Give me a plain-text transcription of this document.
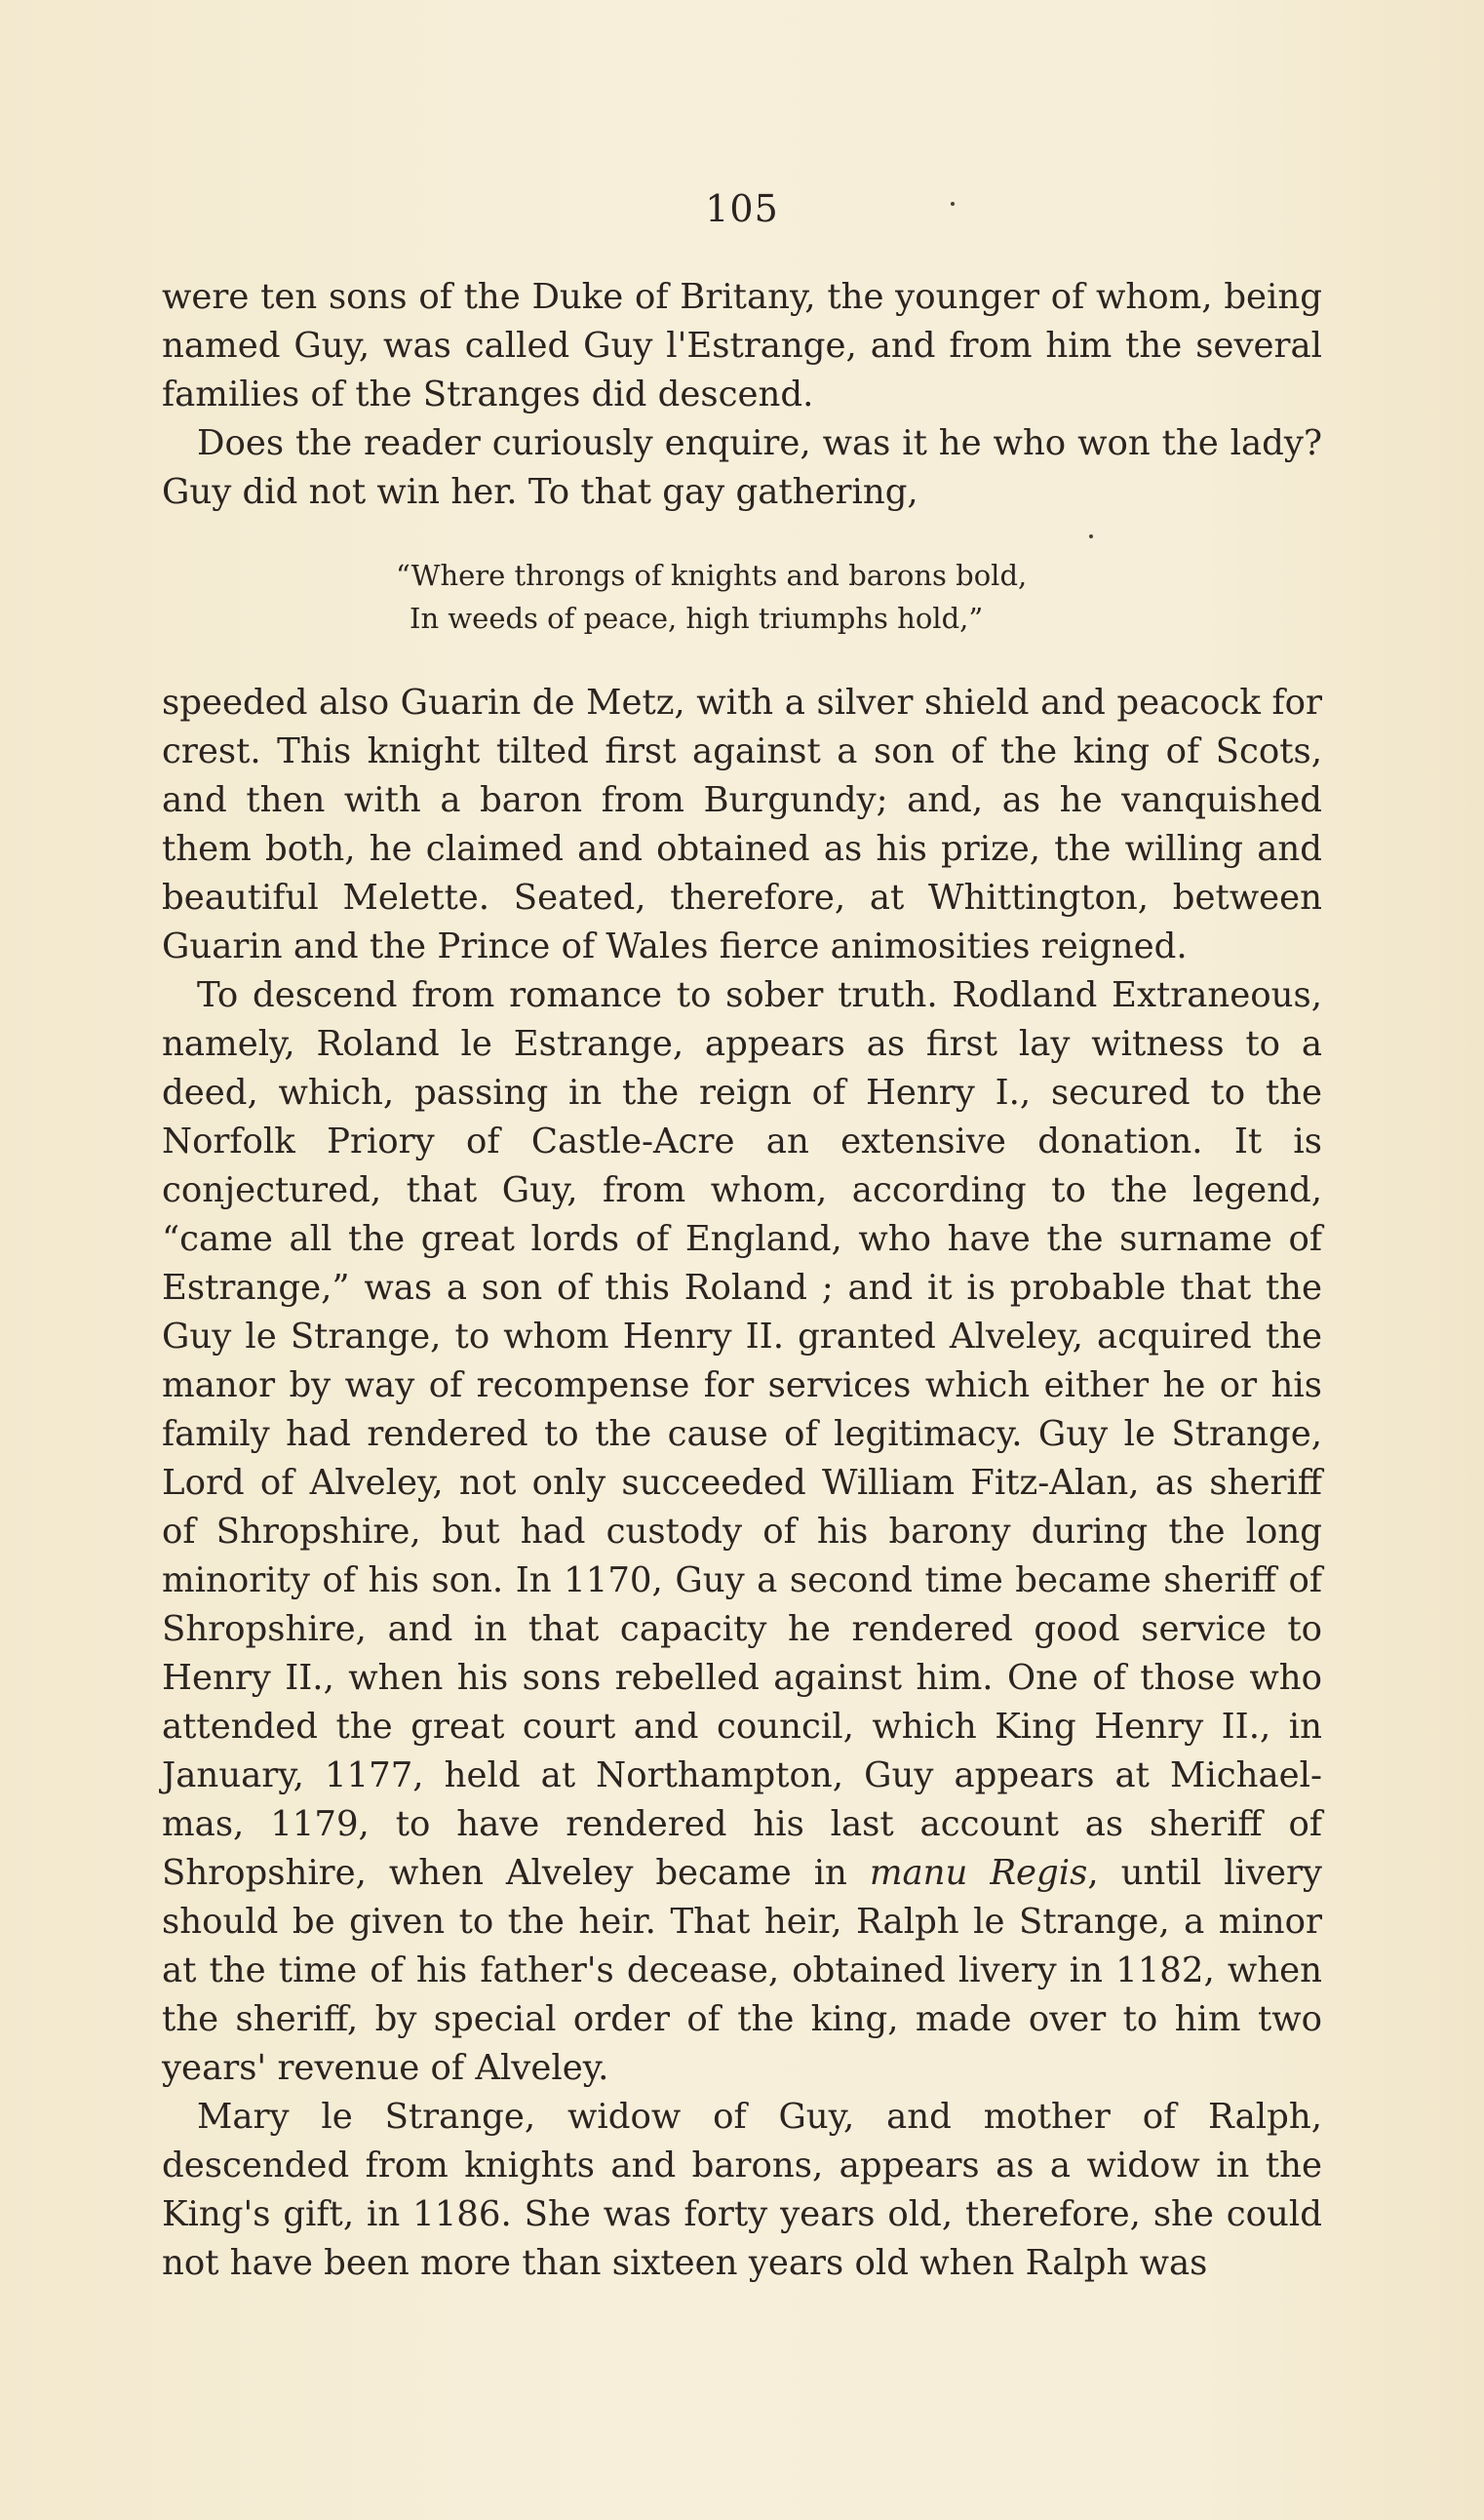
105

were ten sons of the Duke of Britany, the younger of whom, being named Guy, was called Guy l'Estrange, and from him the several families of the Stranges did descend.

Does the reader curiously enquire, was it he who won the lady? Guy did not win her. To that gay gathering,

“Where throngs of knights and barons bold,
In weeds of peace, high triumphs hold,”

speeded also Guarin de Metz, with a silver shield and peacock for crest. This knight tilted first against a son of the king of Scots, and then with a baron from Burgundy; and, as he vanquished them both, he claimed and obtained as his prize, the willing and beautiful Melette. Seated, therefore, at Whittington, between Guarin and the Prince of Wales fierce animosities reigned.

To descend from romance to sober truth. Rodland Extraneous, namely, Roland le Estrange, appears as first lay witness to a deed, which, passing in the reign of Henry I., secured to the Norfolk Priory of Castle-Acre an extensive donation. It is conjectured, that Guy, from whom, according to the legend, “came all the great lords of England, who have the surname of Estrange,” was a son of this Roland ; and it is probable that the Guy le Strange, to whom Henry II. granted Alveley, acquired the manor by way of recompense for services which either he or his family had rendered to the cause of legitimacy. Guy le Strange, Lord of Alveley, not only succeeded William Fitz-Alan, as sheriff of Shropshire, but had custody of his barony during the long minority of his son. In 1170, Guy a second time became sheriff of Shropshire, and in that capacity he rendered good service to Henry II., when his sons rebelled against him. One of those who attended the great court and council, which King Henry II., in January, 1177, held at Northampton, Guy appears at Michael-mas, 1179, to have rendered his last account as sheriff of Shropshire, when Alveley became in manu Regis, until livery should be given to the heir. That heir, Ralph le Strange, a minor at the time of his father's decease, obtained livery in 1182, when the sheriff, by special order of the king, made over to him two years' revenue of Alveley.

Mary le Strange, widow of Guy, and mother of Ralph, descended from knights and barons, appears as a widow in the King's gift, in 1186. She was forty years old, therefore, she could not have been more than sixteen years old when Ralph was
